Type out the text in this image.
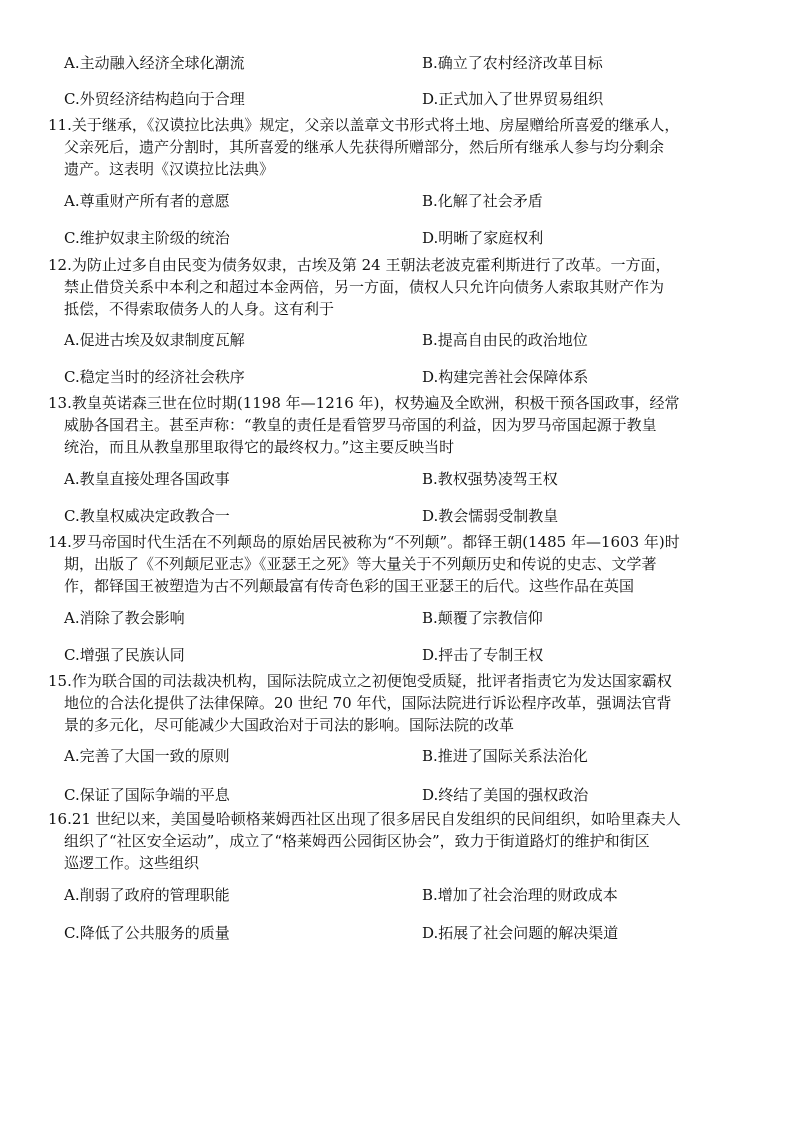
A.主动融入经济全球化潮流	B.确立了农村经济改革目标
C.外贸经济结构趋向于合理	D.正式加入了世界贸易组织
11.关于继承，《汉谟拉比法典》规定，父亲以盖章文书形式将土地、房屋赠给所喜爱的继承人，
父亲死后，遗产分割时，其所喜爱的继承人先获得所赠部分，然后所有继承人参与均分剩余
遗产。这表明《汉谟拉比法典》
A.尊重财产所有者的意愿	B.化解了社会矛盾
C.维护奴隶主阶级的统治	D.明晰了家庭权利
12.为防止过多自由民变为债务奴隶，古埃及第 24 王朝法老波克霍利斯进行了改革。一方面，
禁止借贷关系中本利之和超过本金两倍，另一方面，债权人只允许向债务人索取其财产作为
抵偿，不得索取债务人的人身。这有利于
A.促进古埃及奴隶制度瓦解	B.提高自由民的政治地位
C.稳定当时的经济社会秩序	D.构建完善社会保障体系
13.教皇英诺森三世在位时期(1198 年—1216 年)，权势遍及全欧洲，积极干预各国政事，经常
威胁各国君主。甚至声称：“教皇的责任是看管罗马帝国的利益，因为罗马帝国起源于教皇
统治，而且从教皇那里取得它的最终权力。”这主要反映当时
A.教皇直接处理各国政事	B.教权强势凌驾王权
C.教皇权威决定政教合一	D.教会懦弱受制教皇
14.罗马帝国时代生活在不列颠岛的原始居民被称为“不列颠”。都铎王朝(1485 年—1603 年)时
期，出版了《不列颠尼亚志》《亚瑟王之死》等大量关于不列颠历史和传说的史志、文学著
作，都铎国王被塑造为古不列颠最富有传奇色彩的国王亚瑟王的后代。这些作品在英国
A.消除了教会影响	B.颠覆了宗教信仰
C.增强了民族认同	D.抨击了专制王权
15.作为联合国的司法裁决机构，国际法院成立之初便饱受质疑，批评者指责它为发达国家霸权
地位的合法化提供了法律保障。20 世纪 70 年代，国际法院进行诉讼程序改革，强调法官背
景的多元化，尽可能减少大国政治对于司法的影响。国际法院的改革
A.完善了大国一致的原则	B.推进了国际关系法治化
C.保证了国际争端的平息	D.终结了美国的强权政治
16.21 世纪以来，美国曼哈顿格莱姆西社区出现了很多居民自发组织的民间组织，如哈里森夫人
组织了“社区安全运动”，成立了“格莱姆西公园街区协会”，致力于街道路灯的维护和街区
巡逻工作。这些组织
A.削弱了政府的管理职能	B.增加了社会治理的财政成本
C.降低了公共服务的质量	D.拓展了社会问题的解决渠道
